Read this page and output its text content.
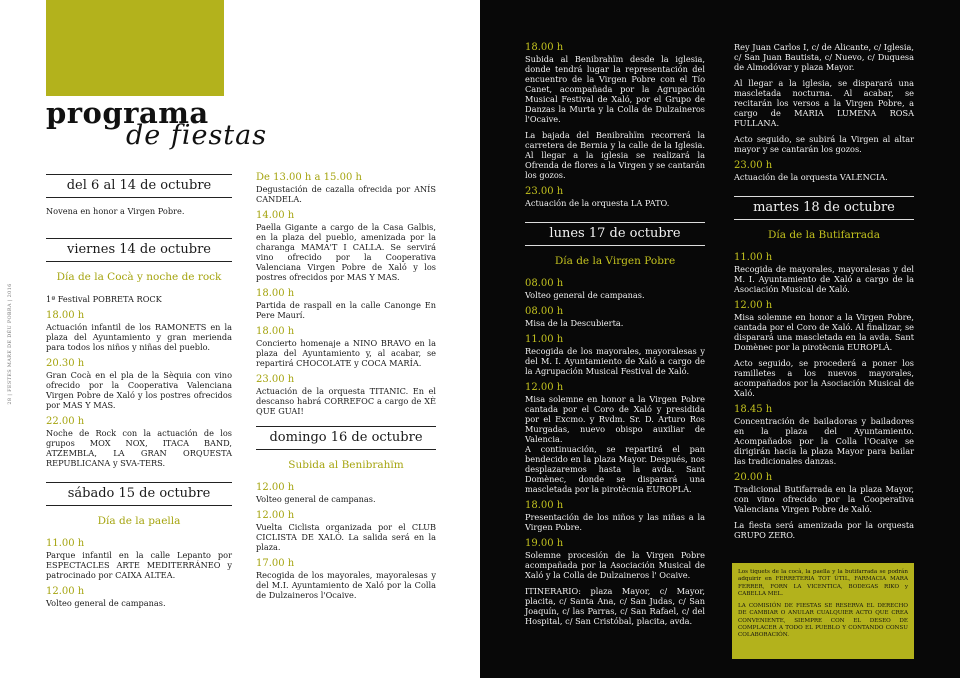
programa
de fiestas
28 | FESTES MARE DE DÉU POBRA | 2016
del 6 al 14 de octubre

Novena en honor a Virgen Pobre.

viernes 14 de octubre
Día de la Cocà y noche de rock

1ª Festival POBRETA ROCK

18.00 h

Actuación infantil de los RAMONETS en la plaza del Ayuntamiento y gran merienda para todos los niños y niñas del pueblo.

20.30 h

Gran Cocà en el pla de la Sèquia con vino ofrecido por la Cooperativa Valenciana Virgen Pobre de Xaló y los postres ofrecidos por MAS Y MAS.

22.00 h

Noche de Rock con la actuación de los grupos MOX NOX, ITACA BAND, ATZEMBLA, LA GRAN ORQUESTA REPUBLICANA y SVA-TERS.

sábado 15 de octubre
Día de la paella
11.00 h

Parque infantil en la calle Lepanto por ESPECTACLES ARTE MEDITERRÁNEO y patrocinado por CAIXA ALTEA.

12.00 h

Volteo general de campanas.

De 13.00 h a 15.00 h

Degustación de cazalla ofrecida por ANÍS CANDELA.

14.00 h

Paella Gigante a cargo de la Casa Galbis, en la plaza del pueblo, amenizada por la charanga MAMA'T I CALLA. Se servirá vino ofrecido por la Cooperativa Valenciana Virgen Pobre de Xaló y los postres ofrecidos por MAS Y MAS.

18.00 h

Partida de raspall en la calle Canonge En Pere Maurí.

18.00 h

Concierto homenaje a NINO BRAVO en la plaza del Ayuntamiento y, al acabar, se repartirá CHOCOLATE y COCA MARÍA.

23.00 h

Actuación de la orquesta TITANIC. En el descanso habrá CORREFOC a cargo de XÈ QUE GUAI!

domingo 16 de octubre
Subida al Benibrahïm
12.00 h

Volteo general de campanas.

12.00 h

Vuelta Ciclista organizada por el CLUB CICLISTA DE XALÓ. La salida será en la plaza.

17.00 h

Recogida de los mayorales, mayoralesas y del M.I. Ayuntamiento de Xaló por la Colla de Dulzaineros l'Ocaive.

18.00 h

Subida al Benibrahïm desde la iglesia, donde tendrá lugar la representación del encuentro de la Virgen Pobre con el Tío Canet, acompañada por la Agrupación Musical Festival de Xaló, por el Grupo de Danzas la Murta y la Colla de Dulzaineros l'Ocaive.

La bajada del Benibrahïm recorrerá la carretera de Bernia y la calle de la Iglesia. Al llegar a la iglesia se realizará la Ofrenda de flores a la Virgen y se cantarán los gozos.

23.00 h

Actuación de la orquesta LA PATO.

lunes 17 de octubre
Día de la Virgen Pobre
08.00 h

Volteo general de campanas.

08.00 h

Misa de la Descubierta.

11.00 h

Recogida de los mayorales, mayoralesas y del M. I. Ayuntamiento de Xaló a cargo de la Agrupación Musical Festival de Xaló.

12.00 h

Misa solemne en honor a la Virgen Pobre cantada por el Coro de Xaló y presidida por el Excmo. y Rvdm. Sr. D. Arturo Ros Murgadas, nuevo obispo auxiliar de Valencia.

A continuación, se repartirá el pan bendecido en la plaza Mayor. Después, nos desplazaremos hasta la avda. Sant Domènec, donde se disparará una mascletada por la pirotècnia EUROPLÀ.

18.00 h

Presentación de los niños y las niñas a la Virgen Pobre.

19.00 h

Solemne procesión de la Virgen Pobre acompañada por la Asociación Musical de Xaló y la Colla de Dulzaineros l' Ocaive.

ITINERARIO: plaza Mayor, c/ Mayor, placita, c/ Santa Ana, c/ San Judas, c/ San Joaquín, c/ las Parras, c/ San Rafael, c/ del Hospital, c/ San Cristóbal, placita, avda.

Rey Juan Carlos I, c/ de Alicante, c/ Iglesia, c/ San Juan Bautista, c/ Nuevo, c/ Duquesa de Almodóvar y plaza Mayor.

Al llegar a la iglesia, se disparará una mascletada nocturna. Al acabar, se recitarán los versos a la Virgen Pobre, a cargo de MARIA LUMENA ROSA FULLANA.

Acto seguido, se subirá la Virgen al altar mayor y se cantarán los gozos.

23.00 h

Actuación de la orquesta VALENCIA.

martes 18 de octubre
Día de la Butifarrada
11.00 h

Recogida de mayorales, mayoralesas y del M. I. Ayuntamiento de Xaló a cargo de la Asociación Musical de Xaló.

12.00 h

Misa solemne en honor a la Virgen Pobre, cantada por el Coro de Xaló. Al finalizar, se disparará una mascletada en la avda. Sant Domènec por la pirotècnia EUROPLÀ.

Acto seguido, se procederá a poner los ramilletes a los nuevos mayorales, acompañados por la Asociación Musical de Xaló.

18.45 h

Concentración de bailadoras y bailadores en la plaza del Ayuntamiento. Acompañados por la Colla l'Ocaive se dirigirán hacia la plaza Mayor para bailar las tradicionales danzas.

20.00 h

Tradicional Butifarrada en la plaza Mayor, con vino ofrecido por la Cooperativa Valenciana Virgen Pobre de Xaló.

La fiesta será amenizada por la orquesta GRUPO ZERO.

Los tiquets de la cocà, la paella y la butifarrada se podrán adquirir en FERRETERIA TOT ÚTIL, FARMACIA MARA FERRER, FORN LA VICENTICA, BODEGAS RIKO y CABELLA MEL.

LA COMISIÓN DE FIESTAS SE RESERVA EL DERECHO DE CAMBIAR O ANULAR CUALQUIER ACTO QUE CREA CONVENIENTE, SIEMPRE CON EL DESEO DE COMPLACER A TODO EL PUEBLO Y CONTANDO CONSU COLABORACIÓN.
